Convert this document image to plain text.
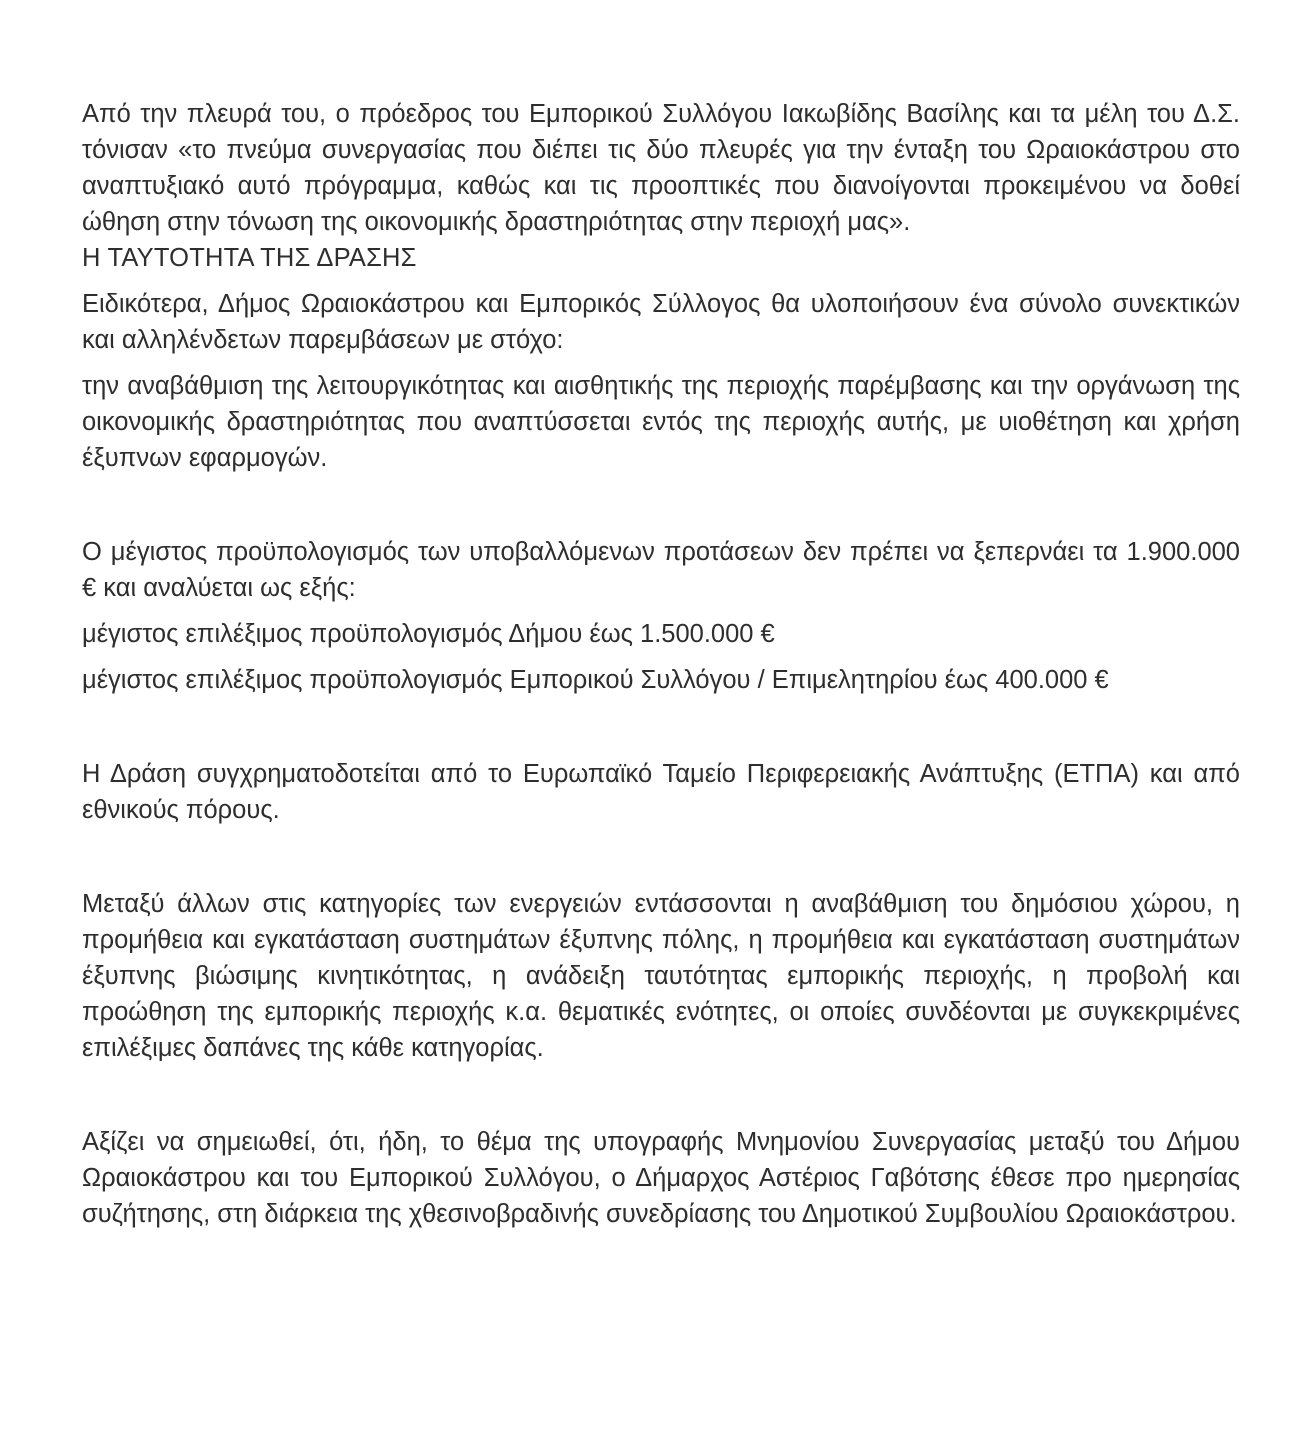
Από την πλευρά του, ο πρόεδρος του Εμπορικού Συλλόγου Ιακωβίδης Βασίλης και τα μέλη του Δ.Σ. τόνισαν «το πνεύμα συνεργασίας που διέπει τις δύο πλευρές για την ένταξη του Ωραιοκάστρου στο αναπτυξιακό αυτό πρόγραμμα, καθώς και τις προοπτικές που διανοίγονται προκειμένου να δοθεί ώθηση στην τόνωση της οικονομικής δραστηριότητας στην περιοχή μας».

Η ΤΑΥΤΟΤΗΤΑ ΤΗΣ ΔΡΑΣΗΣ

Ειδικότερα, Δήμος Ωραιοκάστρου και Εμπορικός Σύλλογος θα υλοποιήσουν ένα σύνολο συνεκτικών και αλληλένδετων παρεμβάσεων με στόχο:

την αναβάθμιση της λειτουργικότητας και αισθητικής της περιοχής παρέμβασης και την οργάνωση της οικονομικής δραστηριότητας που αναπτύσσεται εντός της περιοχής αυτής, με υιοθέτηση και χρήση έξυπνων εφαρμογών.

Ο μέγιστος προϋπολογισμός των υποβαλλόμενων προτάσεων δεν πρέπει να ξεπερνάει τα 1.900.000 € και αναλύεται ως εξής:

μέγιστος επιλέξιμος προϋπολογισμός Δήμου έως 1.500.000 €

μέγιστος επιλέξιμος προϋπολογισμός Εμπορικού Συλλόγου / Επιμελητηρίου έως 400.000 €

Η Δράση συγχρηματοδοτείται από το Ευρωπαϊκό Ταμείο Περιφερειακής Ανάπτυξης (ΕΤΠΑ) και από εθνικούς πόρους.

Μεταξύ άλλων στις κατηγορίες των ενεργειών εντάσσονται η αναβάθμιση του δημόσιου χώρου, η προμήθεια και εγκατάσταση συστημάτων έξυπνης πόλης, η προμήθεια και εγκατάσταση συστημάτων έξυπνης βιώσιμης κινητικότητας, η ανάδειξη ταυτότητας εμπορικής περιοχής, η προβολή και προώθηση της εμπορικής περιοχής κ.α. θεματικές ενότητες, οι οποίες συνδέονται με συγκεκριμένες επιλέξιμες δαπάνες της κάθε κατηγορίας.

Αξίζει να σημειωθεί, ότι, ήδη, το θέμα της υπογραφής Μνημονίου Συνεργασίας μεταξύ του Δήμου Ωραιοκάστρου και του Εμπορικού Συλλόγου, ο Δήμαρχος Αστέριος Γαβότσης έθεσε προ ημερησίας συζήτησης, στη διάρκεια της χθεσινοβραδινής συνεδρίασης του Δημοτικού Συμβουλίου Ωραιοκάστρου.
